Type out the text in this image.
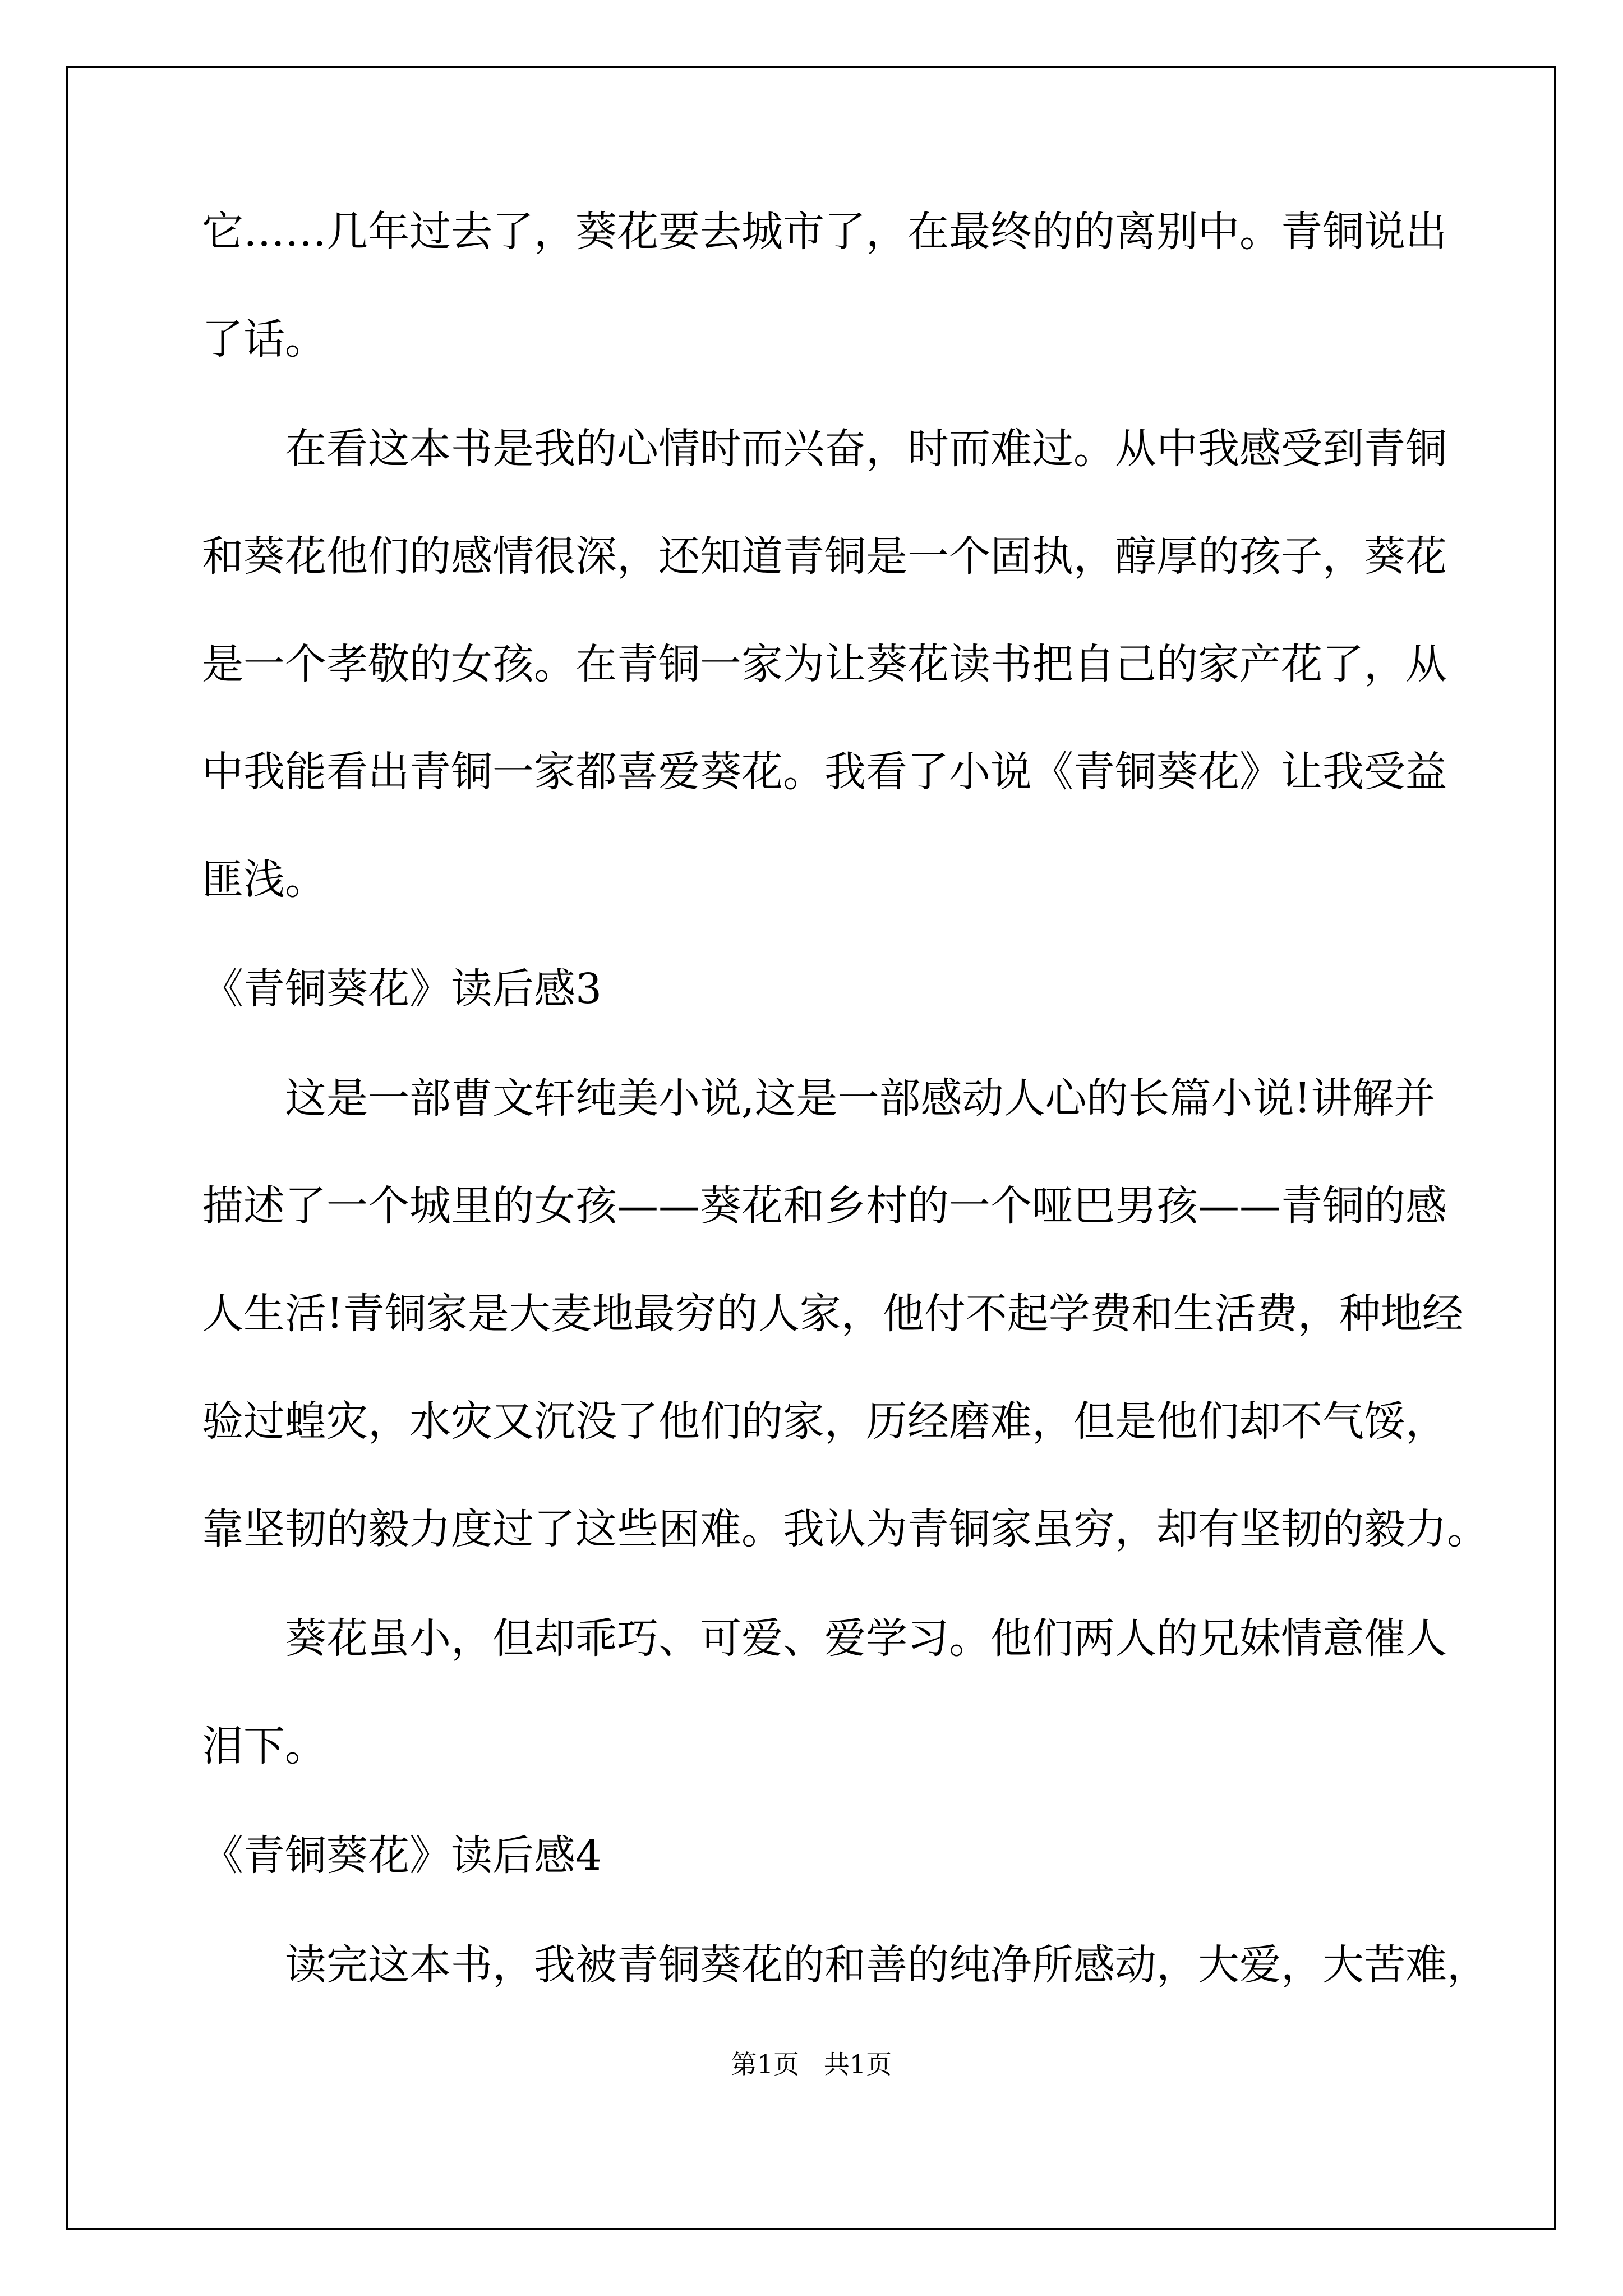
它……几年过去了，葵花要去城市了，在最终的的离别中。青铜说出

了话。

在看这本书是我的心情时而兴奋，时而难过。从中我感受到青铜

和葵花他们的感情很深，还知道青铜是一个固执，醇厚的孩子，葵花

是一个孝敬的女孩。在青铜一家为让葵花读书把自己的家产花了，从

中我能看出青铜一家都喜爱葵花。我看了小说《青铜葵花》让我受益

匪浅。

《青铜葵花》读后感3

这是一部曹文轩纯美小说,这是一部感动人心的长篇小说!讲解并

描述了一个城里的女孩——葵花和乡村的一个哑巴男孩——青铜的感

人生活!青铜家是大麦地最穷的人家，他付不起学费和生活费，种地经

验过蝗灾，水灾又沉没了他们的家，历经磨难，但是他们却不气馁，

靠坚韧的毅力度过了这些困难。我认为青铜家虽穷，却有坚韧的毅力。

葵花虽小，但却乖巧、可爱、爱学习。他们两人的兄妹情意催人

泪下。

《青铜葵花》读后感4

读完这本书，我被青铜葵花的和善的纯净所感动，大爱，大苦难，

第1页   共1页
